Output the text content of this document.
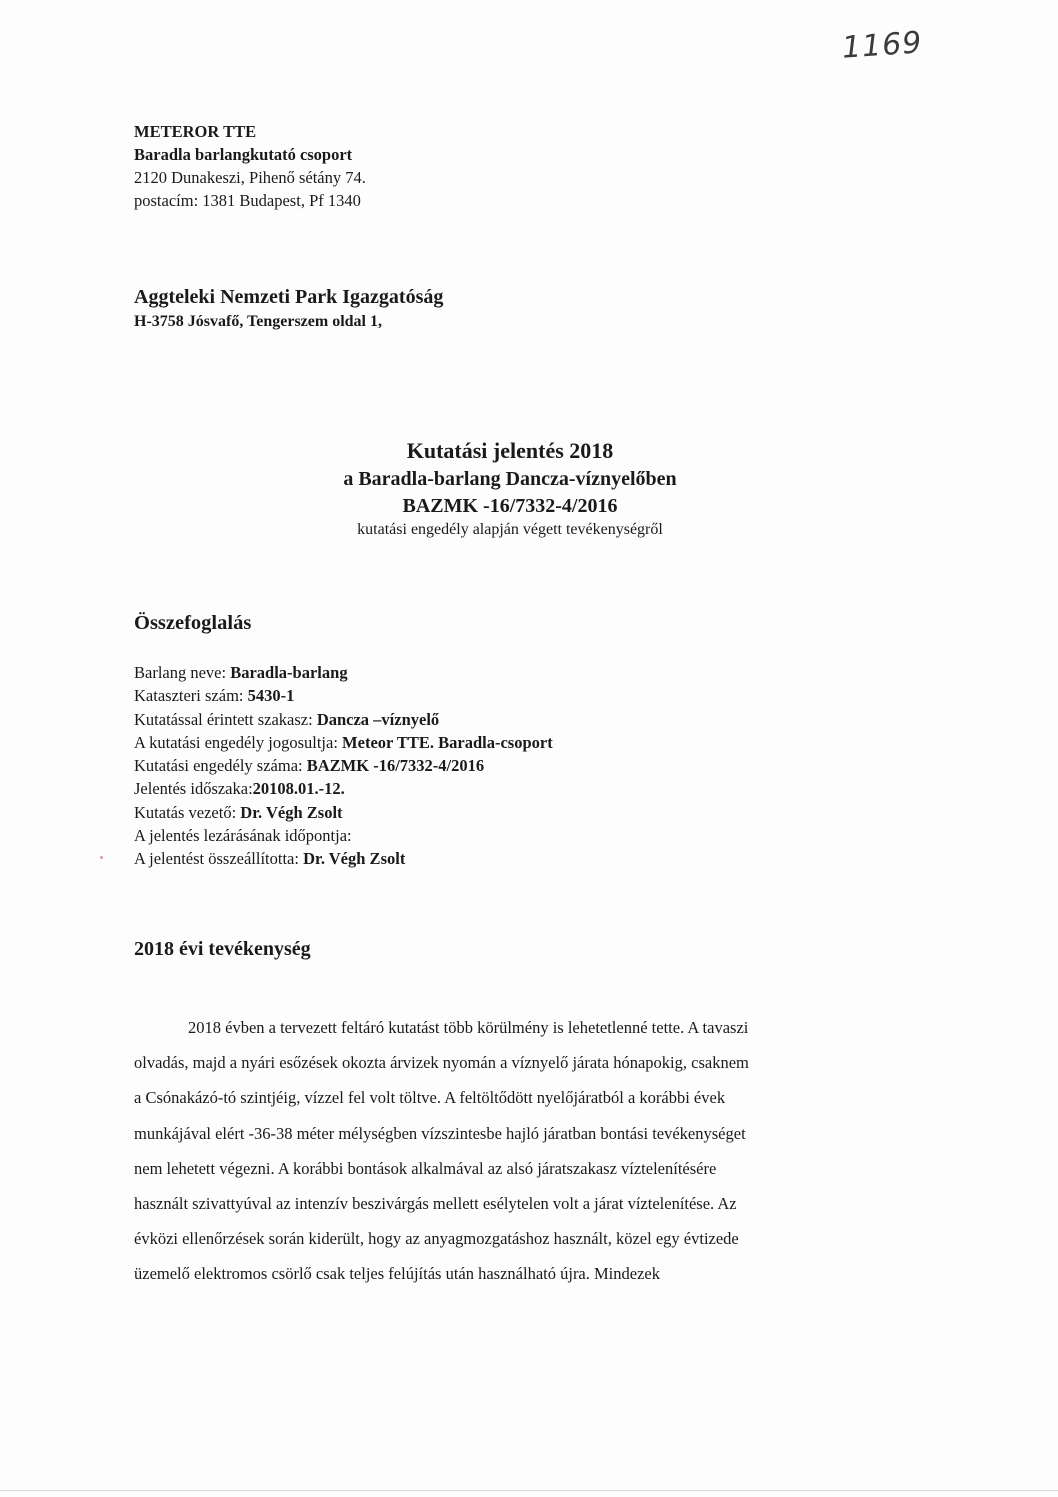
1169
METEROR TTE
Baradla barlangkutató csoport
2120 Dunakeszi, Pihenő sétány 74.
postacím: 1381 Budapest, Pf 1340
Aggteleki Nemzeti Park Igazgatóság
H-3758 Jósvafő, Tengerszem oldal 1,
Kutatási jelentés 2018
a Baradla-barlang Dancza-víznyelőben
BAZMK -16/7332-4/2016
kutatási engedély alapján végett tevékenységről
Összefoglalás
Barlang neve: Baradla-barlang
Kataszteri szám: 5430-1
Kutatással érintett szakasz: Dancza –víznyelő
A kutatási engedély jogosultja: Meteor TTE. Baradla-csoport
Kutatási engedély száma: BAZMK -16/7332-4/2016
Jelentés időszaka:20108.01.-12.
Kutatás vezető: Dr. Végh Zsolt
A jelentés lezárásának időpontja:
A jelentést összeállította: Dr. Végh Zsolt
2018 évi tevékenység
2018 évben a tervezett feltáró kutatást több körülmény is lehetetlenné tette. A tavaszi
olvadás, majd a nyári esőzések okozta árvizek nyomán a víznyelő járata hónapokig, csaknem
a Csónakázó-tó szintjéig, vízzel fel volt töltve. A feltöltődött nyelőjáratból a korábbi évek
munkájával elért -36-38 méter mélységben vízszintesbe hajló járatban bontási tevékenységet
nem lehetett végezni. A korábbi bontások alkalmával az alsó járatszakasz víztelenítésére
használt szivattyúval az intenzív beszivárgás mellett esélytelen volt a járat víztelenítése. Az
évközi ellenőrzések során kiderült, hogy az anyagmozgatáshoz használt, közel egy évtizede
üzemelő elektromos csörlő csak teljes felújítás után használható újra. Mindezek
